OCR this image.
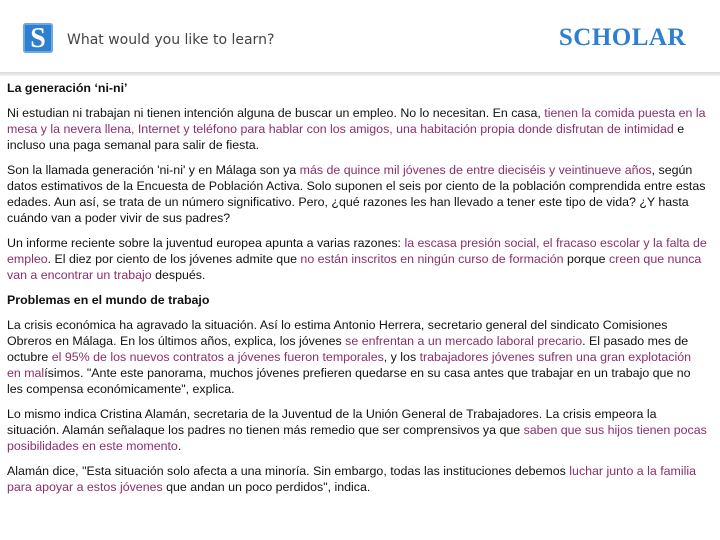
S	What would you like to learn?	SCHOLAR

La generación ‘ni-ni’

Ni estudian ni trabajan ni tienen intención alguna de buscar un empleo. No lo necesitan. En casa, tienen la comida puesta en la mesa y la nevera llena, Internet y teléfono para hablar con los amigos, una habitación propia donde disfrutan de intimidad e incluso una paga semanal para salir de fiesta.

Son la llamada generación 'ni-ni' y en Málaga son ya más de quince mil jóvenes de entre dieciséis y veintinueve años, según datos estimativos de la Encuesta de Población Activa. Solo suponen el seis por ciento de la población comprendida entre estas edades. Aun así, se trata de un número significativo. Pero, ¿qué razones les han llevado a tener este tipo de vida? ¿Y hasta cuándo van a poder vivir de sus padres?

Un informe reciente sobre la juventud europea apunta a varias razones: la escasa presión social, el fracaso escolar y la falta de empleo. El diez por ciento de los jóvenes admite que no están inscritos en ningún curso de formación porque creen que nunca van a encontrar un trabajo después.

Problemas en el mundo de trabajo

La crisis económica ha agravado la situación. Así lo estima Antonio Herrera, secretario general del sindicato Comisiones Obreros en Málaga. En los últimos años, explica, los jóvenes se enfrentan a un mercado laboral precario. El pasado mes de octubre el 95% de los nuevos contratos a jóvenes fueron temporales, y los trabajadores jóvenes sufren una gran explotación en malísimos. "Ante este panorama, muchos jóvenes prefieren quedarse en su casa antes que trabajar en un trabajo que no les compensa económicamente", explica.

Lo mismo indica Cristina Alamán, secretaria de la Juventud de la Unión General de Trabajadores. La crisis empeora la situación. Alamán señalaque los padres no tienen más remedio que ser comprensivos ya que saben que sus hijos tienen pocas posibilidades en este momento.

Alamán dice, "Esta situación solo afecta a una minoría. Sin embargo, todas las instituciones debemos luchar junto a la familia para apoyar a estos jóvenes que andan un poco perdidos", indica.
